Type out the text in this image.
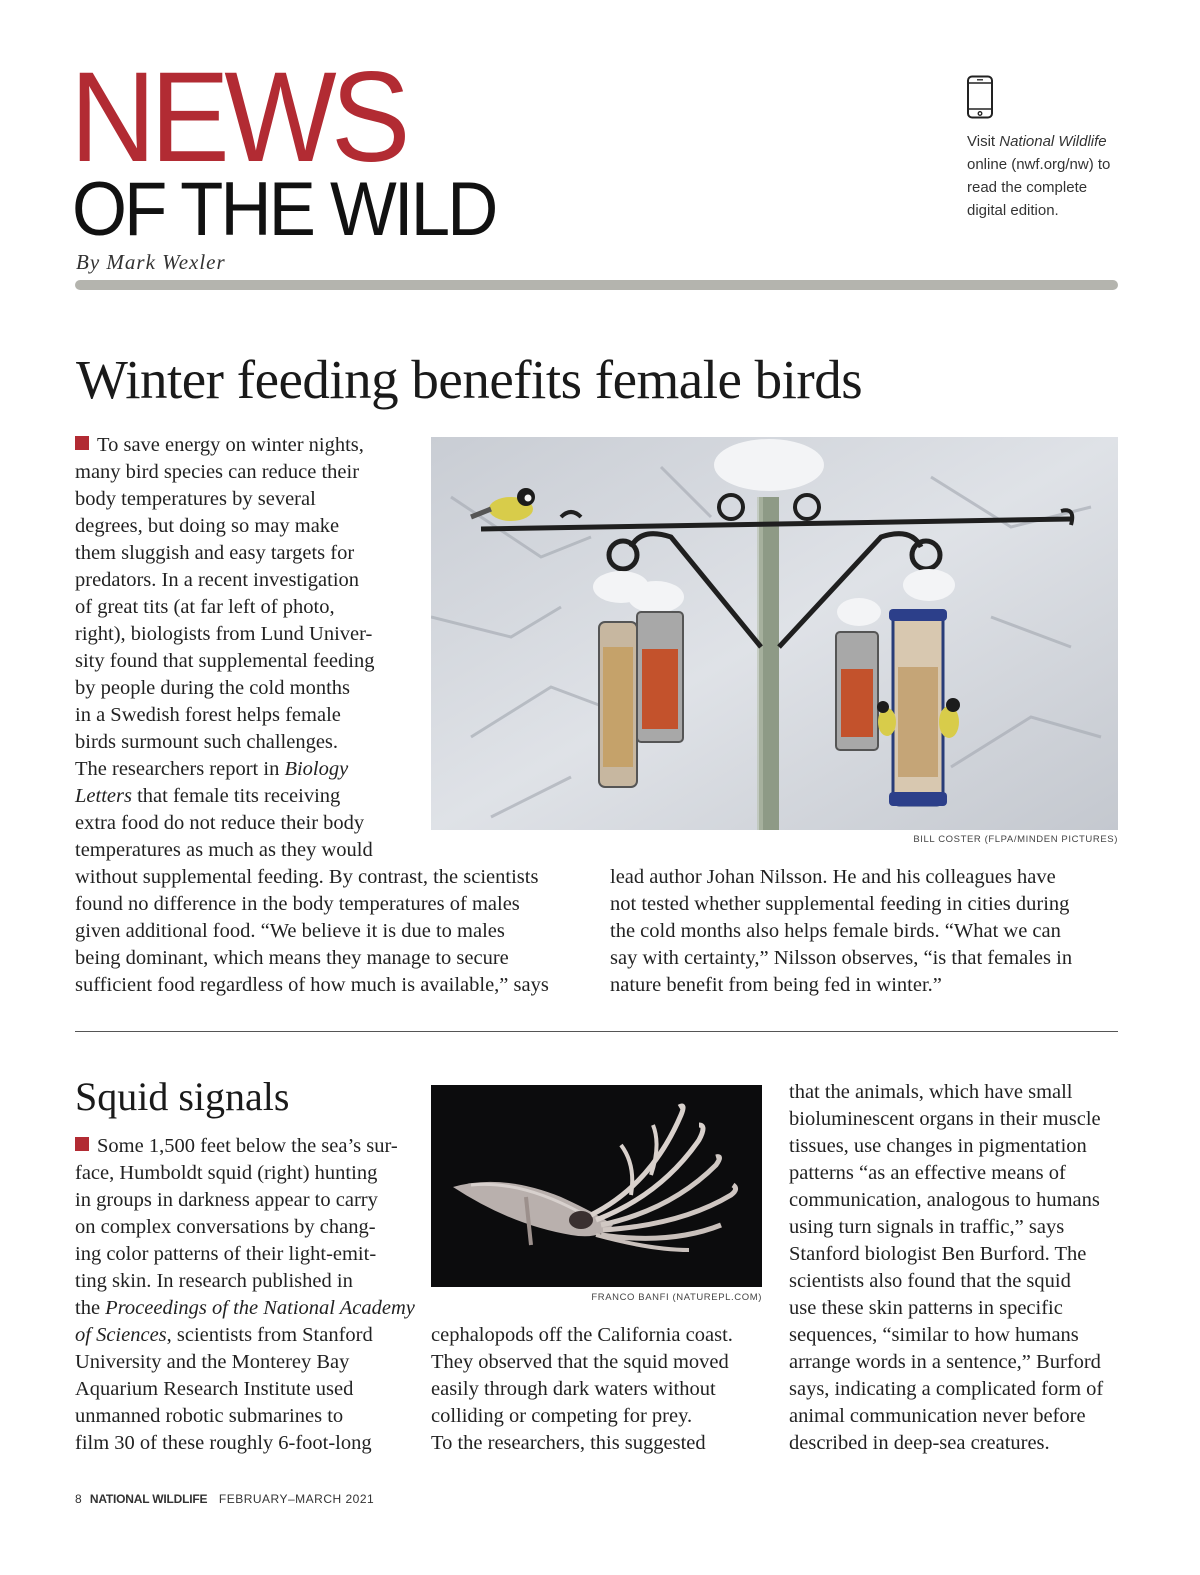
NEWS
OF THE WILD
By Mark Wexler
Visit National Wildlife online (nwf.org/nw) to read the complete digital edition.
Winter feeding benefits female birds
BILL COSTER (FLPA/MINDEN PICTURES)
To save energy on winter nights,
many bird species can reduce their
body temperatures by several
degrees, but doing so may make
them sluggish and easy targets for
predators. In a recent investigation
of great tits (at far left of photo,
right), biologists from Lund Univer-
sity found that supplemental feeding
by people during the cold months
in a Swedish forest helps female
birds surmount such challenges.
The researchers report in Biology
Letters that female tits receiving
extra food do not reduce their body
temperatures as much as they would
without supplemental feeding. By contrast, the scientists
found no difference in the body temperatures of males
given additional food. “We believe it is due to males
being dominant, which means they manage to secure
sufficient food regardless of how much is available,” says
lead author Johan Nilsson. He and his colleagues have
not tested whether supplemental feeding in cities during
the cold months also helps female birds. “What we can
say with certainty,” Nilsson observes, “is that females in
nature benefit from being fed in winter.”
Squid signals
FRANCO BANFI (NATUREPL.COM)
Some 1,500 feet below the sea’s sur-
face, Humboldt squid (right) hunting
in groups in darkness appear to carry
on complex conversations by chang-
ing color patterns of their light-emit-
ting skin. In research published in
the Proceedings of the National Academy
of Sciences, scientists from Stanford
University and the Monterey Bay
Aquarium Research Institute used
unmanned robotic submarines to
film 30 of these roughly 6-foot-long
cephalopods off the California coast.
They observed that the squid moved
easily through dark waters without
colliding or competing for prey.
To the researchers, this suggested
that the animals, which have small
bioluminescent organs in their muscle
tissues, use changes in pigmentation
patterns “as an effective means of
communication, analogous to humans
using turn signals in traffic,” says
Stanford biologist Ben Burford. The
scientists also found that the squid
use these skin patterns in specific
sequences, “similar to how humans
arrange words in a sentence,” Burford
says, indicating a complicated form of
animal communication never before
described in deep-sea creatures.
8 NATIONAL WILDLIFE FEBRUARY–MARCH 2021
